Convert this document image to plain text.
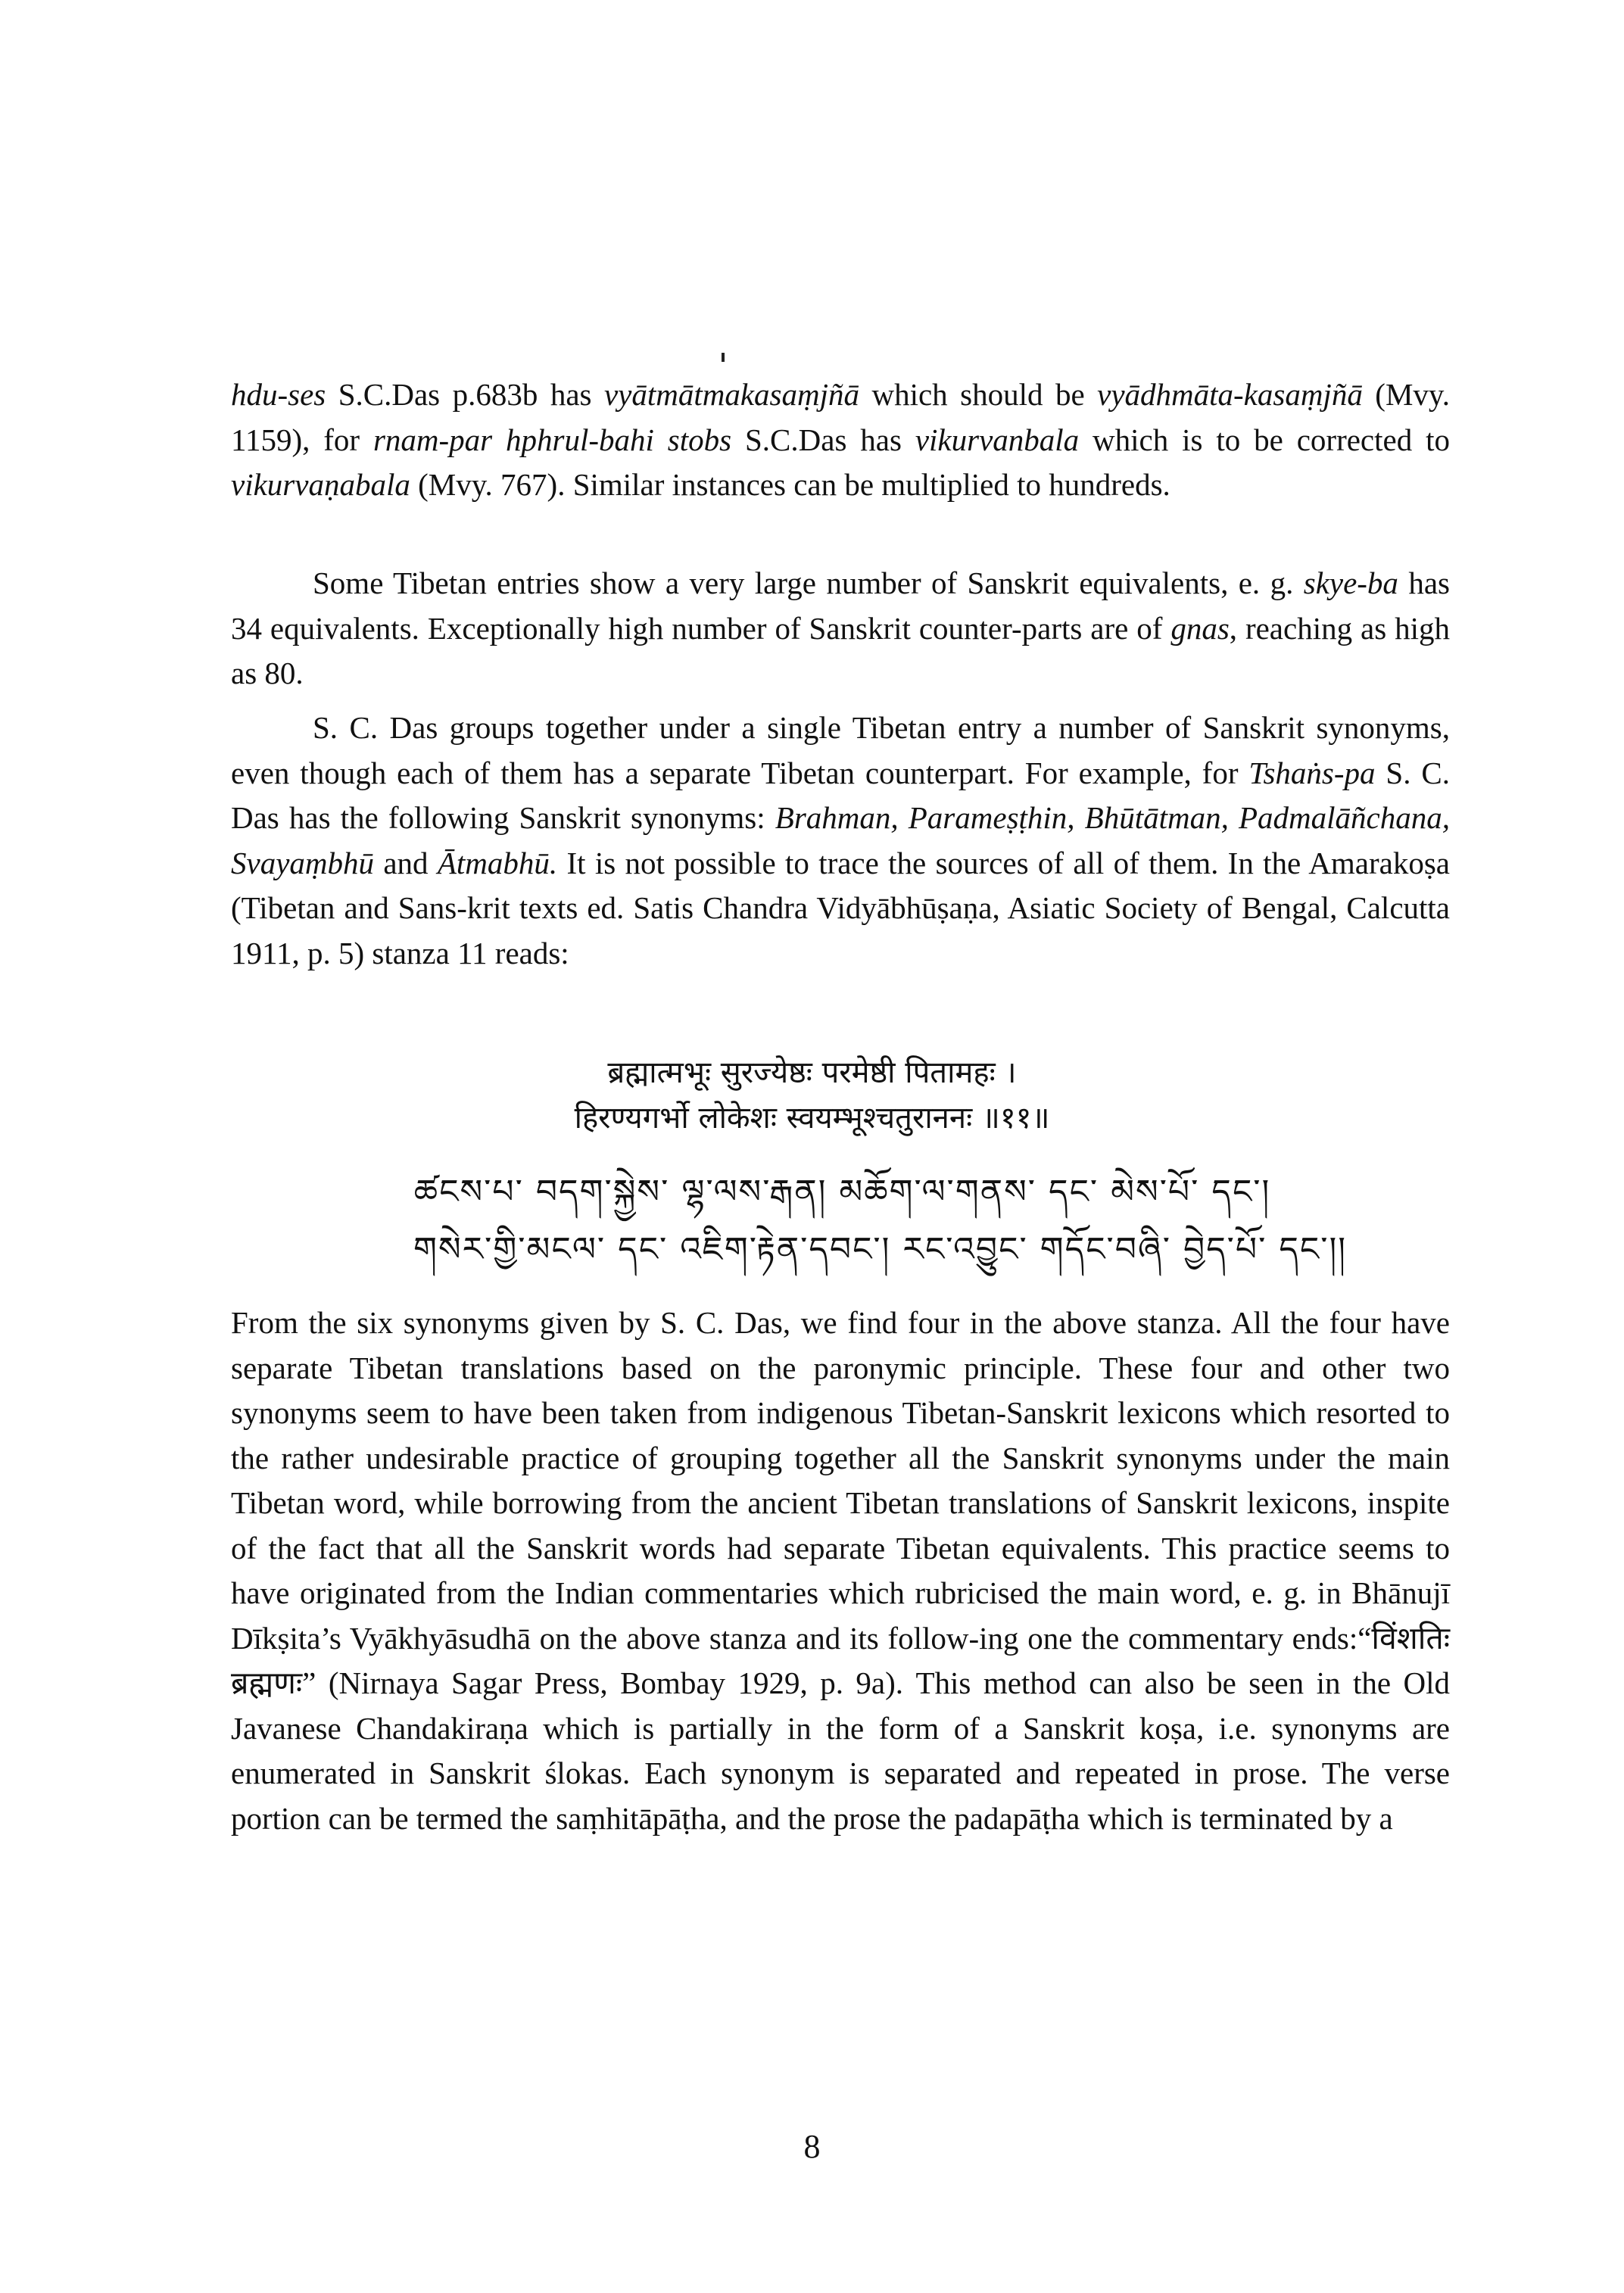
hdu-ses S.C.Das p.683b has vyātmātmakasaṃjñā which should be vyādhmāta-kasaṃjñā (Mvy. 1159), for rnam-par hphrul-bahi stobs S.C.Das has vikurvanbala which is to be corrected to vikurvaṇabala (Mvy. 767). Similar instances can be multiplied to hundreds.

Some Tibetan entries show a very large number of Sanskrit equivalents, e. g. skye-ba has 34 equivalents. Exceptionally high number of Sanskrit counter-parts are of gnas, reaching as high as 80.

S. C. Das groups together under a single Tibetan entry a number of Sanskrit synonyms, even though each of them has a separate Tibetan counterpart. For example, for Tshaṅs-pa S. C. Das has the following Sanskrit synonyms: Brahman, Parameṣṭhin, Bhūtātman, Padmalāñchana, Svayaṃbhū and Ātmabhū. It is not possible to trace the sources of all of them. In the Amarakoṣa (Tibetan and Sans-krit texts ed. Satis Chandra Vidyābhūṣaṇa, Asiatic Society of Bengal, Calcutta 1911, p. 5) stanza 11 reads:

ब्रह्मात्मभूः सुरज्येष्ठः परमेष्ठी पितामहः ।
हिरण्यगर्भो लोकेशः स्वयम्भूश्चतुराननः ॥११॥
ཚངས་པ་ བདག་སྐྱེས་ ལྷ་ལས་རྒན། མཆོག་ལ་གནས་ དང་ མེས་པོ་ དང་།
གསེར་གྱི་མངལ་ དང་ འཇིག་རྟེན་དབང་། རང་འབྱུང་ གདོང་བཞི་ བྱེད་པོ་ དང་།།

From the six synonyms given by S. C. Das, we find four in the above stanza. All the four have separate Tibetan translations based on the paronymic principle. These four and other two synonyms seem to have been taken from indigenous Tibetan-Sanskrit lexicons which resorted to the rather undesirable practice of grouping together all the Sanskrit synonyms under the main Tibetan word, while borrowing from the ancient Tibetan translations of Sanskrit lexicons, inspite of the fact that all the Sanskrit words had separate Tibetan equivalents. This practice seems to have originated from the Indian commentaries which rubricised the main word, e. g. in Bhānujī Dīkṣita’s Vyākhyāsudhā on the above stanza and its follow-ing one the commentary ends:“विंशतिः ब्रह्मणः” (Nirnaya Sagar Press, Bombay 1929, p. 9a). This method can also be seen in the Old Javanese Chandakiraṇa which is partially in the form of a Sanskrit koṣa, i.e. synonyms are enumerated in Sanskrit ślokas. Each synonym is separated and repeated in prose. The verse portion can be termed the saṃhitāpāṭha, and the prose the padapāṭha which is terminated by a

8
